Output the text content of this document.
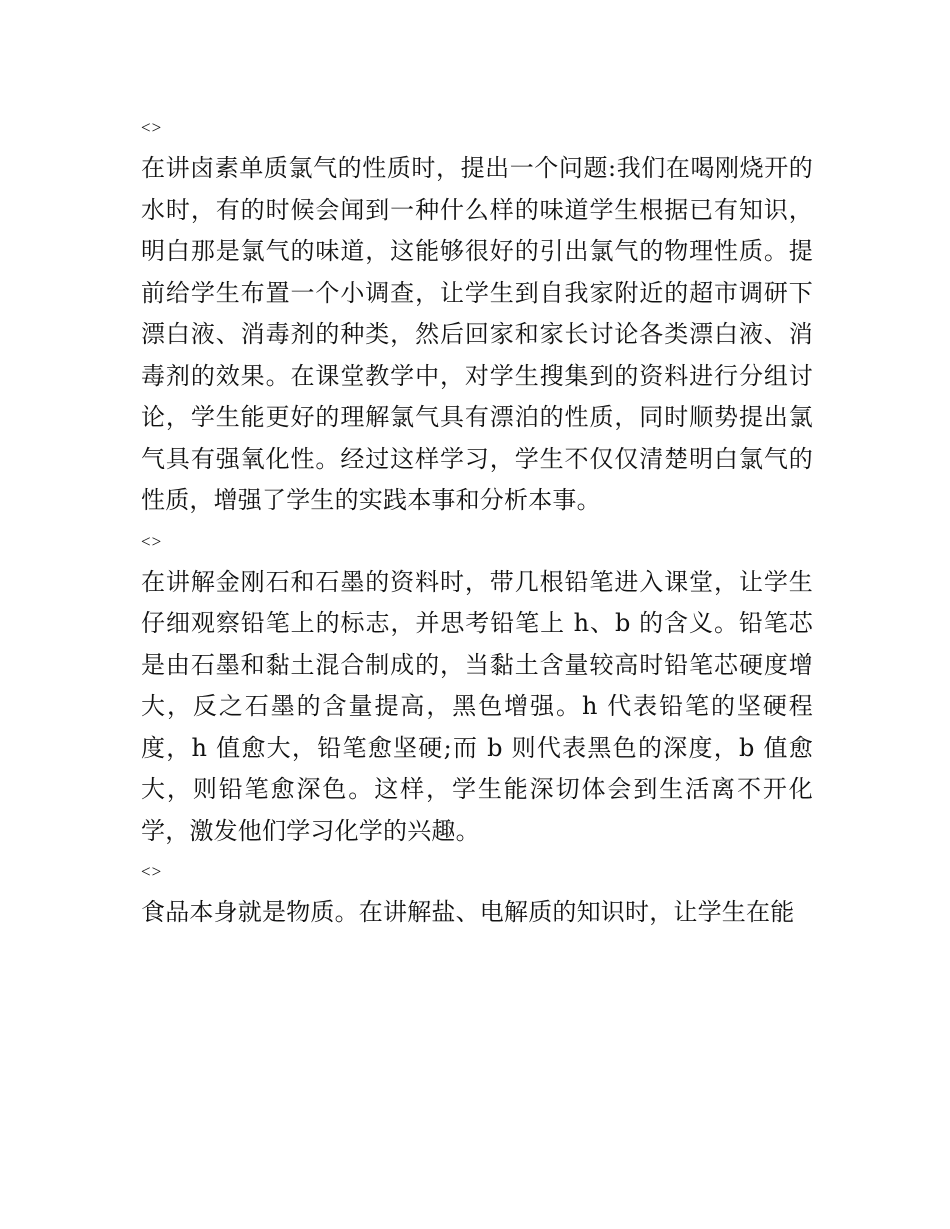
<>

在讲卤素单质氯气的性质时，提出一个问题:我们在喝刚烧开的水时，有的时候会闻到一种什么样的味道学生根据已有知识，明白那是氯气的味道，这能够很好的引出氯气的物理性质。提前给学生布置一个小调查，让学生到自我家附近的超市调研下漂白液、消毒剂的种类，然后回家和家长讨论各类漂白液、消毒剂的效果。在课堂教学中，对学生搜集到的资料进行分组讨论，学生能更好的理解氯气具有漂泊的性质，同时顺势提出氯气具有强氧化性。经过这样学习，学生不仅仅清楚明白氯气的性质，增强了学生的实践本事和分析本事。

<>

在讲解金刚石和石墨的资料时，带几根铅笔进入课堂，让学生仔细观察铅笔上的标志，并思考铅笔上 h、b 的含义。铅笔芯是由石墨和黏土混合制成的，当黏土含量较高时铅笔芯硬度增大，反之石墨的含量提高，黑色增强。h 代表铅笔的坚硬程度，h 值愈大，铅笔愈坚硬;而 b 则代表黑色的深度，b 值愈大，则铅笔愈深色。这样，学生能深切体会到生活离不开化学，激发他们学习化学的兴趣。

<>

食品本身就是物质。在讲解盐、电解质的知识时，让学生在能
